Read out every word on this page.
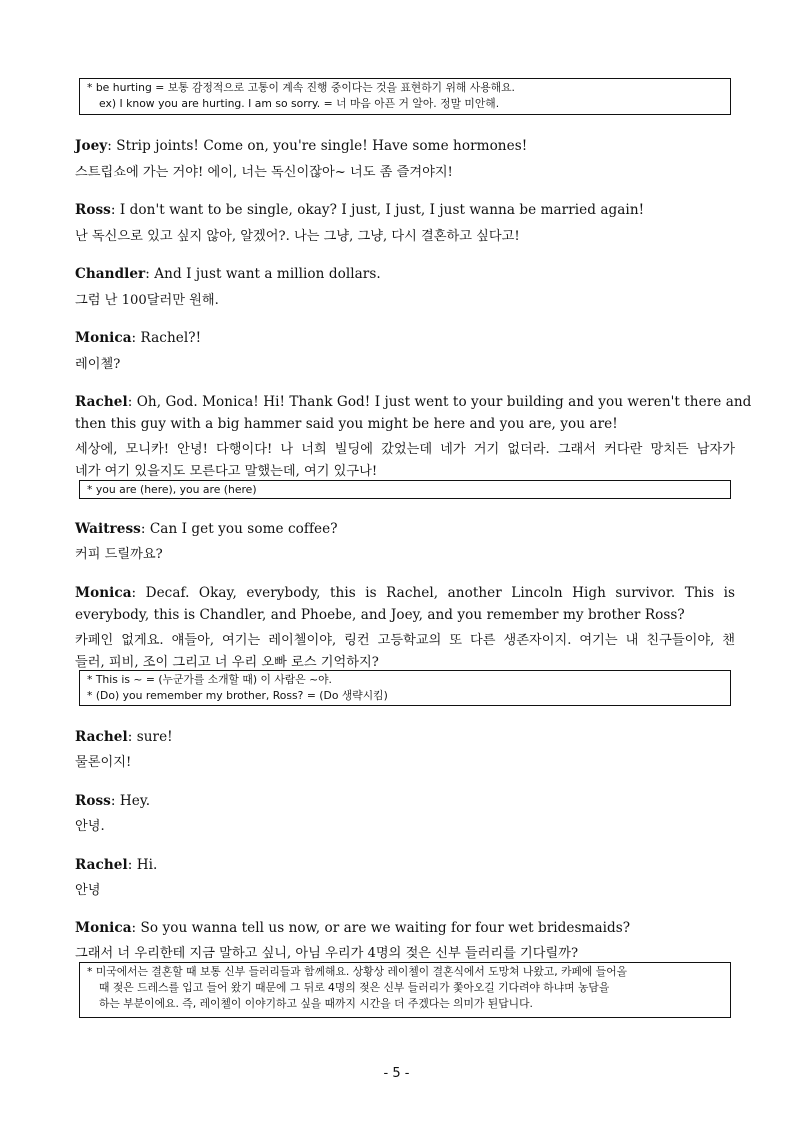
* be hurting = 보통 감정적으로 고통이 계속 진행 중이다는 것을 표현하기 위해 사용해요.
ex) I know you are hurting. I am so sorry. = 너 마음 아픈 거 알아. 정말 미안해.
Joey: Strip joints! Come on, you're single! Have some hormones!
스트립쇼에 가는 거야! 에이, 너는 독신이잖아~ 너도 좀 즐겨야지!
Ross: I don't want to be single, okay? I just, I just, I just wanna be married again!
난 독신으로 있고 싶지 않아, 알겠어?. 나는 그냥, 그냥, 다시 결혼하고 싶다고!
Chandler: And I just want a million dollars.
그럼 난 100달러만 원해.
Monica: Rachel?!
레이첼?
Rachel: Oh, God. Monica! Hi! Thank God! I just went to your building and you weren't there and
then this guy with a big hammer said you might be here and you are, you are!
세상에, 모니카! 안녕! 다행이다! 나 너희 빌딩에 갔었는데 네가 거기 없더라. 그래서 커다란 망치든 남자가
네가 여기 있을지도 모른다고 말했는데, 여기 있구나!
* you are (here), you are (here)
Waitress: Can I get you some coffee?
커피 드릴까요?
Monica: Decaf. Okay, everybody, this is Rachel, another Lincoln High survivor. This is
everybody, this is Chandler, and Phoebe, and Joey, and you remember my brother Ross?
카페인 없게요. 얘들아, 여기는 레이첼이야, 링컨 고등학교의 또 다른 생존자이지. 여기는 내 친구들이야, 챈
들러, 피비, 조이 그리고 너 우리 오빠 로스 기억하지?
* This is ~ = (누군가를 소개할 때) 이 사람은 ~야.
* (Do) you remember my brother, Ross? = (Do 생략시킴)
Rachel: sure!
물론이지!
Ross: Hey.
안녕.
Rachel: Hi.
안녕
Monica: So you wanna tell us now, or are we waiting for four wet bridesmaids?
그래서 너 우리한테 지금 말하고 싶니, 아님 우리가 4명의 젖은 신부 들러리를 기다릴까?
* 미국에서는 결혼할 때 보통 신부 들러리들과 함께해요. 상황상 레이첼이 결혼식에서 도망쳐 나왔고, 카페에 들어올
때 젖은 드레스를 입고 들어 왔기 때문에 그 뒤로 4명의 젖은 신부 들러리가 쫓아오길 기다려야 하냐며 농담을
하는 부분이에요. 즉, 레이첼이 이야기하고 싶을 때까지 시간을 더 주겠다는 의미가 된답니다.
- 5 -
